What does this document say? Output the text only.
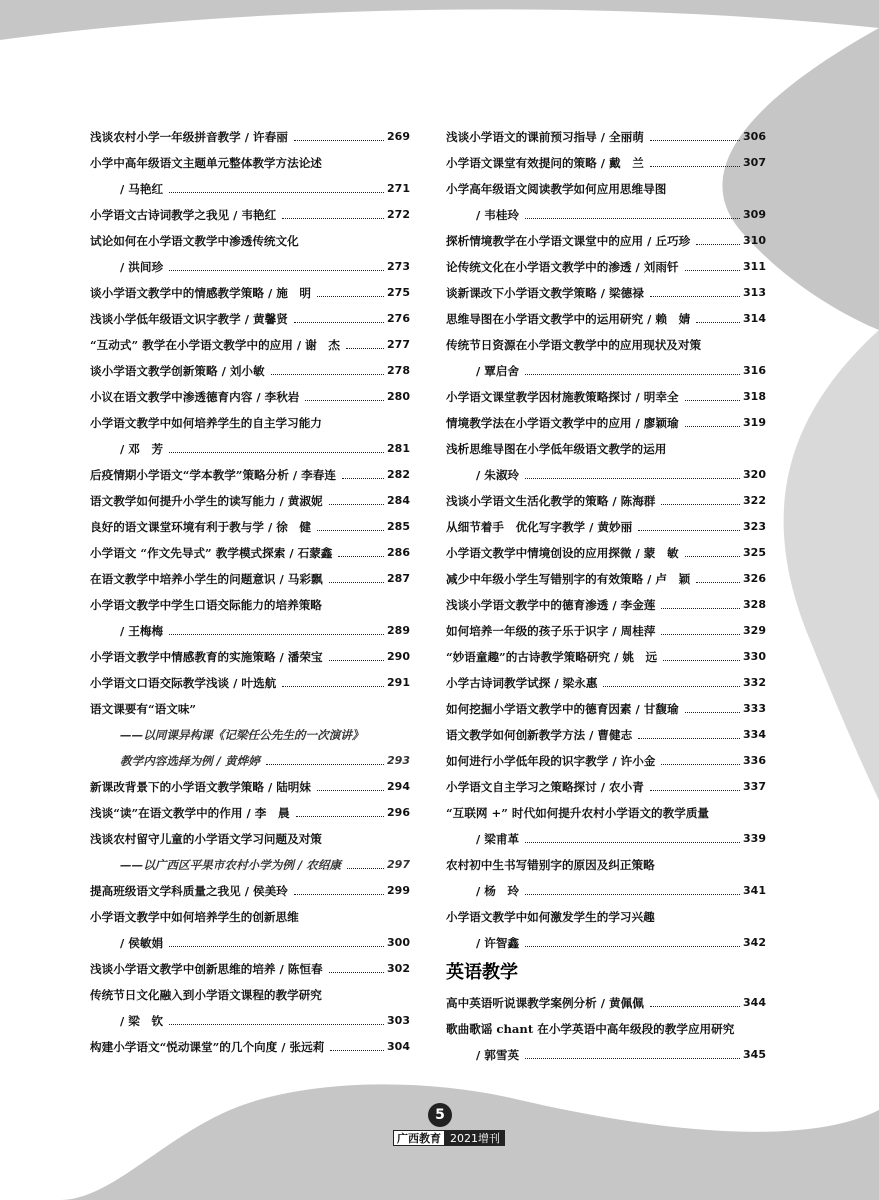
浅谈农村小学一年级拼音教学 / 许春丽	269
小学中高年级语文主题单元整体教学方法论述
/ 马艳红	271
小学语文古诗词教学之我见 / 韦艳红	272
试论如何在小学语文教学中渗透传统文化
/ 洪间珍	273
谈小学语文教学中的情感教学策略 / 施　明	275
浅谈小学低年级语文识字教学 / 黄馨贤	276
“互动式” 教学在小学语文教学中的应用 / 谢　杰	277
谈小学语文教学创新策略 / 刘小敏	278
小议在语文教学中渗透德育内容 / 李秋岩	280
小学语文教学中如何培养学生的自主学习能力
/ 邓　芳	281
后疫情期小学语文“学本教学”策略分析 / 李春连	282
语文教学如何提升小学生的读写能力 / 黄淑妮	284
良好的语文课堂环境有利于教与学 / 徐　健	285
小学语文 “作文先导式” 教学模式探索 / 石蒙鑫	286
在语文教学中培养小学生的问题意识 / 马彩飘	287
小学语文教学中学生口语交际能力的培养策略
/ 王梅梅	289
小学语文教学中情感教育的实施策略 / 潘荣宝	290
小学语文口语交际教学浅谈 / 叶选航	291
语文课要有“语文味”
——以同课异构课《记梁任公先生的一次演讲》
教学内容选择为例 / 黄烨婷	293
新课改背景下的小学语文教学策略 / 陆明妹	294
浅谈“读”在语文教学中的作用 / 李　晨	296
浅谈农村留守儿童的小学语文学习问题及对策
——以广西区平果市农村小学为例 / 农绍康	297
提高班级语文学科质量之我见 / 侯美玲	299
小学语文教学中如何培养学生的创新思维
/ 侯敏娟	300
浅谈小学语文教学中创新思维的培养 / 陈恒春	302
传统节日文化融入到小学语文课程的教学研究
/ 梁　钦	303
构建小学语文“悦动课堂”的几个向度 / 张远莉	304
浅谈小学语文的课前预习指导 / 全丽萌	306
小学语文课堂有效提问的策略 / 戴　兰	307
小学高年级语文阅读教学如何应用思维导图
/ 韦桂玲	309
探析情境教学在小学语文课堂中的应用 / 丘巧珍	310
论传统文化在小学语文教学中的渗透 / 刘雨钎	311
谈新课改下小学语文教学策略 / 梁德禄	313
思维导图在小学语文教学中的运用研究 / 赖　婧	314
传统节日资源在小学语文教学中的应用现状及对策
/ 覃启舍	316
小学语文课堂教学因材施教策略探讨 / 明幸全	318
情境教学法在小学语文教学中的应用 / 廖颖瑜	319
浅析思维导图在小学低年级语文教学的运用
/ 朱淑玲	320
浅谈小学语文生活化教学的策略 / 陈海群	322
从细节着手　优化写字教学 / 黄妙丽	323
小学语文教学中情境创设的应用探微 / 蒙　敏	325
减少中年级小学生写错别字的有效策略 / 卢　颖	326
浅谈小学语文教学中的德育渗透 / 李金莲	328
如何培养一年级的孩子乐于识字 / 周桂萍	329
“妙语童趣”的古诗教学策略研究 / 姚　远	330
小学古诗词教学试探 / 梁永惠	332
如何挖掘小学语文教学中的德育因素 / 甘馥瑜	333
语文教学如何创新教学方法 / 曹健志	334
如何进行小学低年段的识字教学 / 许小金	336
小学语文自主学习之策略探讨 / 农小青	337
“互联网 +” 时代如何提升农村小学语文的教学质量
/ 梁甫革	339
农村初中生书写错别字的原因及纠正策略
/ 杨　玲	341
小学语文教学中如何激发学生的学习兴趣
/ 许智鑫	342
英语教学
高中英语听说课教学案例分析 / 黄佩佩	344
歌曲歌谣 chant 在小学英语中高年级段的教学应用研究
/ 郭雪英	345
5
广西教育 2021增刊
